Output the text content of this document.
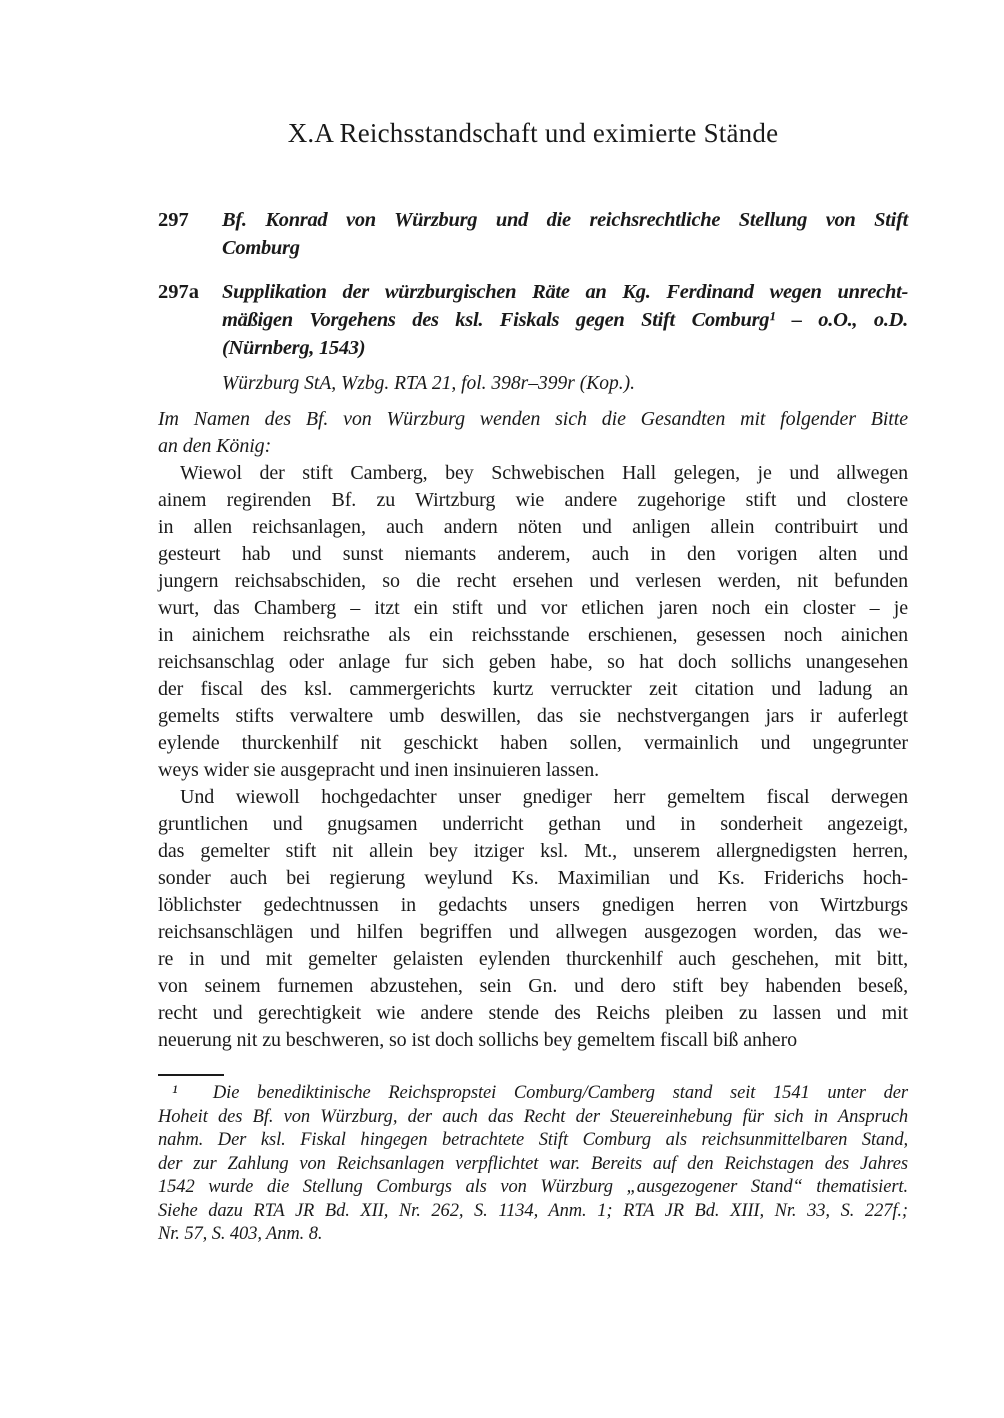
X.A Reichsstandschaft und eximierte Stände
297 Bf. Konrad von Würzburg und die reichsrechtliche Stellung von Stift
Comburg
297a Supplikation der würzburgischen Räte an Kg. Ferdinand wegen unrecht-
mäßigen Vorgehens des ksl. Fiskals gegen Stift Comburg¹ – o.O., o.D.
(Nürnberg, 1543)
Würzburg StA, Wzbg. RTA 21, fol. 398r–399r (Kop.).
Im Namen des Bf. von Würzburg wenden sich die Gesandten mit folgender Bitte
an den König:
Wiewol der stift Camberg, bey Schwebischen Hall gelegen, je und allwegen
ainem regirenden Bf. zu Wirtzburg wie andere zugehorige stift und clostere
in allen reichsanlagen, auch andern nöten und anligen allein contribuirt und
gesteurt hab und sunst niemants anderem, auch in den vorigen alten und
jungern reichsabschiden, so die recht ersehen und verlesen werden, nit befunden
wurt, das Chamberg – itzt ein stift und vor etlichen jaren noch ein closter – je
in ainichem reichsrathe als ein reichsstande erschienen, gesessen noch ainichen
reichsanschlag oder anlage fur sich geben habe, so hat doch sollichs unangesehen
der fiscal des ksl. cammergerichts kurtz verruckter zeit citation und ladung an
gemelts stifts verwaltere umb deswillen, das sie nechstvergangen jars ir auferlegt
eylende thurckenhilf nit geschickt haben sollen, vermainlich und ungegrunter
weys wider sie ausgepracht und inen insinuieren lassen.
Und wiewoll hochgedachter unser gnediger herr gemeltem fiscal derwegen
gruntlichen und gnugsamen underricht gethan und in sonderheit angezeigt,
das gemelter stift nit allein bey itziger ksl. Mt., unserem allergnedigsten herren,
sonder auch bei regierung weylund Ks. Maximilian und Ks. Friderichs hoch-
löblichster gedechtnussen in gedachts unsers gnedigen herren von Wirtzburgs
reichsanschlägen und hilfen begriffen und allwegen ausgezogen worden, das we-
re in und mit gemelter gelaisten eylenden thurckenhilf auch geschehen, mit bitt,
von seinem furnemen abzustehen, sein Gn. und dero stift bey habenden beseß,
recht und gerechtigkeit wie andere stende des Reichs pleiben zu lassen und mit
neuerung nit zu beschweren, so ist doch sollichs bey gemeltem fiscall biß anhero
¹  Die benediktinische Reichspropstei Comburg/Camberg stand seit 1541 unter der
Hoheit des Bf. von Würzburg, der auch das Recht der Steuereinhebung für sich in Anspruch
nahm. Der ksl. Fiskal hingegen betrachtete Stift Comburg als reichsunmittelbaren Stand,
der zur Zahlung von Reichsanlagen verpflichtet war. Bereits auf den Reichstagen des Jahres
1542 wurde die Stellung Comburgs als von Würzburg „ausgezogener Stand“ thematisiert.
Siehe dazu RTA JR Bd. XII, Nr. 262, S. 1134, Anm. 1; RTA JR Bd. XIII, Nr. 33, S. 227f.;
Nr. 57, S. 403, Anm. 8.
